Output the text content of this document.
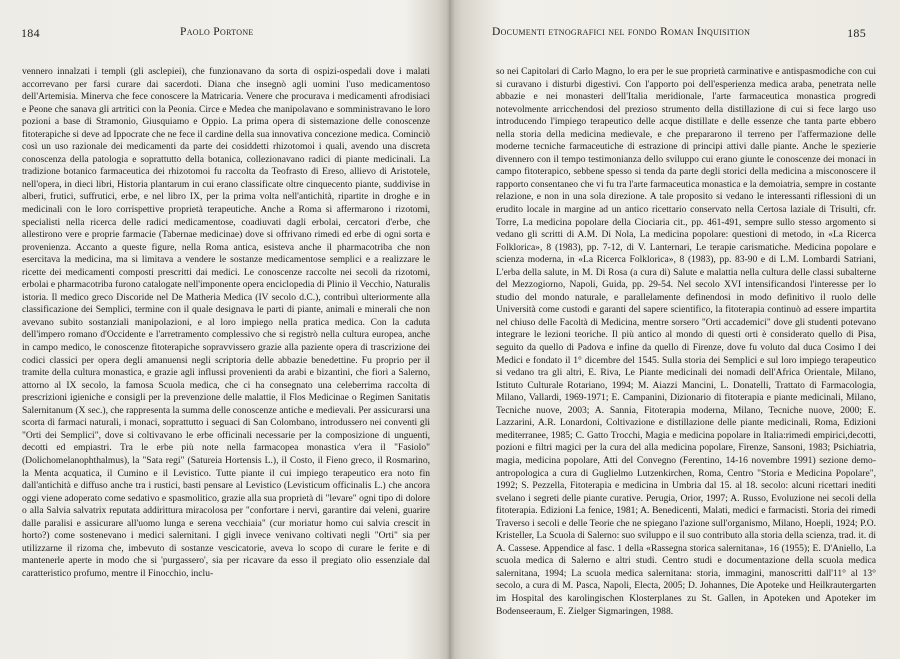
184	Paolo Portone

vennero innalzati i templi (gli asclepiei), che funzionavano da sorta di ospizi-ospedali dove i malati accorrevano per farsi curare dai sacerdoti. Diana che insegnò agli uomini l'uso medicamentoso dell'Artemisia. Minerva che fece conoscere la Matricaria. Venere che procurava i medicamenti afrodisiaci e Peone che sanava gli artritici con la Peonia. Circe e Medea che manipolavano e somministravano le loro pozioni a base di Stramonio, Giusquiamo e Oppio. La prima opera di sistemazione delle conoscenze fitoterapiche si deve ad Ippocrate che ne fece il cardine della sua innovativa concezione medica. Cominciò così un uso razionale dei medicamenti da parte dei cosiddetti rhizotomoi i quali, avendo una discreta conoscenza della patologia e soprattutto della botanica, collezionavano radici di piante medicinali. La tradizione botanico farmaceutica dei rhizotomoi fu raccolta da Teofrasto di Ereso, allievo di Aristotele, nell'opera, in dieci libri, Historia plantarum in cui erano classificate oltre cinquecento piante, suddivise in alberi, frutici, suffrutici, erbe, e nel libro IX, per la prima volta nell'antichità, ripartite in droghe e in medicinali con le loro corrispettive proprietà terapeutiche. Anche a Roma si affermarono i rizotomi, specialisti nella ricerca delle radici medicamentose, coadiuvati dagli erbolai, cercatori d'erbe, che allestirono vere e proprie farmacie (Tabernae medicinae) dove si offrivano rimedi ed erbe di ogni sorta e provenienza. Accanto a queste figure, nella Roma antica, esisteva anche il pharmacotriba che non esercitava la medicina, ma si limitava a vendere le sostanze medicamentose semplici e a realizzare le ricette dei medicamenti composti prescritti dai medici. Le conoscenze raccolte nei secoli da rizotomi, erbolai e pharmacotriba furono catalogate nell'imponente opera enciclopedia di Plinio il Vecchio, Naturalis istoria. Il medico greco Discoride nel De Matheria Medica (IV secolo d.C.), contribuì ulteriormente alla classificazione dei Semplici, termine con il quale designava le parti di piante, animali e minerali che non avevano subito sostanziali manipolazioni, e al loro impiego nella pratica medica. Con la caduta dell'impero romano d'Occidente e l'arretramento complessivo che si registrò nella cultura europea, anche in campo medico, le conoscenze fitoterapiche sopravvissero grazie alla paziente opera di trascrizione dei codici classici per opera degli amanuensi negli scriptoria delle abbazie benedettine. Fu proprio per il tramite della cultura monastica, e grazie agli influssi provenienti da arabi e bizantini, che fiorì a Salerno, attorno al IX secolo, la famosa Scuola medica, che ci ha consegnato una celeberrima raccolta di prescrizioni igieniche e consigli per la prevenzione delle malattie, il Flos Medicinae o Regimen Sanitatis Salernitanum (X sec.), che rappresenta la summa delle conoscenze antiche e medievali. Per assicurarsi una scorta di farmaci naturali, i monaci, soprattutto i seguaci di San Colombano, introdussero nei conventi gli "Orti dei Semplici", dove si coltivavano le erbe officinali necessarie per la composizione di unguenti, decotti ed empiastri. Tra le erbe più note nella farmacopea monastica v'era il "Fasiolo" (Dolichomelanophthalmus), la "Sata regi" (Satureia Hortensis L.), il Costo, il Fieno greco, il Rosmarino, la Menta acquatica, il Cumino e il Levistico. Tutte piante il cui impiego terapeutico era noto fin dall'antichità e diffuso anche tra i rustici, basti pensare al Levistico (Levisticum officinalis L.) che ancora oggi viene adoperato come sedativo e spasmolitico, grazie alla sua proprietà di "levare" ogni tipo di dolore o alla Salvia salvatrix reputata addirittura miracolosa per "confortare i nervi, garantire dai veleni, guarire dalle paralisi e assicurare all'uomo lunga e serena vecchiaia" (cur moriatur homo cui salvia crescit in horto?) come sostenevano i medici salernitani. I gigli invece venivano coltivati negli "Orti" sia per utilizzarne il rizoma che, imbevuto di sostanze vescicatorie, aveva lo scopo di curare le ferite e di mantenerle aperte in modo che si 'purgassero', sia per ricavare da esso il pregiato olio essenziale dal caratteristico profumo, mentre il Finocchio, inclu-

Documenti etnografici nel fondo Roman Inquisition	185

so nei Capitolari di Carlo Magno, lo era per le sue proprietà carminative e antispasmodiche con cui si curavano i disturbi digestivi. Con l'apporto poi dell'esperienza medica araba, penetrata nelle abbazie e nei monasteri dell'Italia meridionale, l'arte farmaceutica monastica progredì notevolmente arricchendosi del prezioso strumento della distillazione di cui si fece largo uso introducendo l'impiego terapeutico delle acque distillate e delle essenze che tanta parte ebbero nella storia della medicina medievale, e che prepararono il terreno per l'affermazione delle moderne tecniche farmaceutiche di estrazione di principi attivi dalle piante. Anche le spezierie divennero con il tempo testimonianza dello sviluppo cui erano giunte le conoscenze dei monaci in campo fitoterapico, sebbene spesso si tenda da parte degli storici della medicina a misconoscere il rapporto consentaneo che vi fu tra l'arte farmaceutica monastica e la demoiatria, sempre in costante relazione, e non in una sola direzione. A tale proposito si vedano le interessanti riflessioni di un erudito locale in margine ad un antico ricettario conservato nella Certosa laziale di Trisulti, cfr. Torre, La medicina popolare della Ciociaria cit., pp. 461-491, sempre sullo stesso argomento si vedano gli scritti di A.M. Di Nola, La medicina popolare: questioni di metodo, in «La Ricerca Folklorica», 8 (1983), pp. 7-12, di V. Lanternari, Le terapie carismatiche. Medicina popolare e scienza moderna, in «La Ricerca Folklorica», 8 (1983), pp. 83-90 e di L.M. Lombardi Satriani, L'erba della salute, in M. Di Rosa (a cura di) Salute e malattia nella cultura delle classi subalterne del Mezzogiorno, Napoli, Guida, pp. 29-54. Nel secolo XVI intensificandosi l'interesse per lo studio del mondo naturale, e parallelamente definendosi in modo definitivo il ruolo delle Università come custodi e garanti del sapere scientifico, la fitoterapia continuò ad essere impartita nel chiuso delle Facoltà di Medicina, mentre sorsero "Orti accademici" dove gli studenti potevano integrare le lezioni teoriche. Il più antico al mondo di questi orti è considerato quello di Pisa, seguito da quello di Padova e infine da quello di Firenze, dove fu voluto dal duca Cosimo I dei Medici e fondato il 1° dicembre del 1545. Sulla storia dei Semplici e sul loro impiego terapeutico si vedano tra gli altri, E. Riva, Le Piante medicinali dei nomadi dell'Africa Orientale, Milano, Istituto Culturale Rotariano, 1994; M. Aiazzi Mancini, L. Donatelli, Trattato di Farmacologia, Milano, Vallardi, 1969-1971; E. Campanini, Dizionario di fitoterapia e piante medicinali, Milano, Tecniche nuove, 2003; A. Sannia, Fitoterapia moderna, Milano, Tecniche nuove, 2000; E. Lazzarini, A.R. Lonardoni, Coltivazione e distillazione delle piante medicinali, Roma, Edizioni mediterranee, 1985; C. Gatto Trocchi, Magia e medicina popolare in Italia:rimedi empirici,decotti, pozioni e filtri magici per la cura del alla medicina popolare, Firenze, Sansoni, 1983; Psichiatria, magia, medicina popolare, Atti del Convegno (Ferentino, 14-16 novembre 1991) sezione demo-antropologica a cura di Guglielmo Lutzenkirchen, Roma, Centro "Storia e Medicina Popolare", 1992; S. Pezzella, Fitoterapia e medicina in Umbria dal 15. al 18. secolo: alcuni ricettari inediti svelano i segreti delle piante curative. Perugia, Orior, 1997; A. Russo, Evoluzione nei secoli della fitoterapia. Edizioni La fenice, 1981; A. Benedicenti, Malati, medici e farmacisti. Storia dei rimedi Traverso i secoli e delle Teorie che ne spiegano l'azione sull'organismo, Milano, Hoepli, 1924; P.O. Kristeller, La Scuola di Salerno: suo sviluppo e il suo contributo alla storia della scienza, trad. it. di A. Cassese. Appendice al fasc. 1 della «Rassegna storica salernitana», 16 (1955); E. D'Aniello, La scuola medica di Salerno e altri studi. Centro studi e documentazione della scuola medica salernitana, 1994; La scuola medica salernitana: storia, immagini, manoscritti dall'11° al 13° secolo, a cura di M. Pasca, Napoli, Electa, 2005; D. Johannes, Die Apoteke und Heilkrautergarten im Hospital des karolingischen Klosterplanes zu St. Gallen, in Apoteken und Apoteker im Bodenseeraum, E. Zielger Sigmaringen, 1988.
